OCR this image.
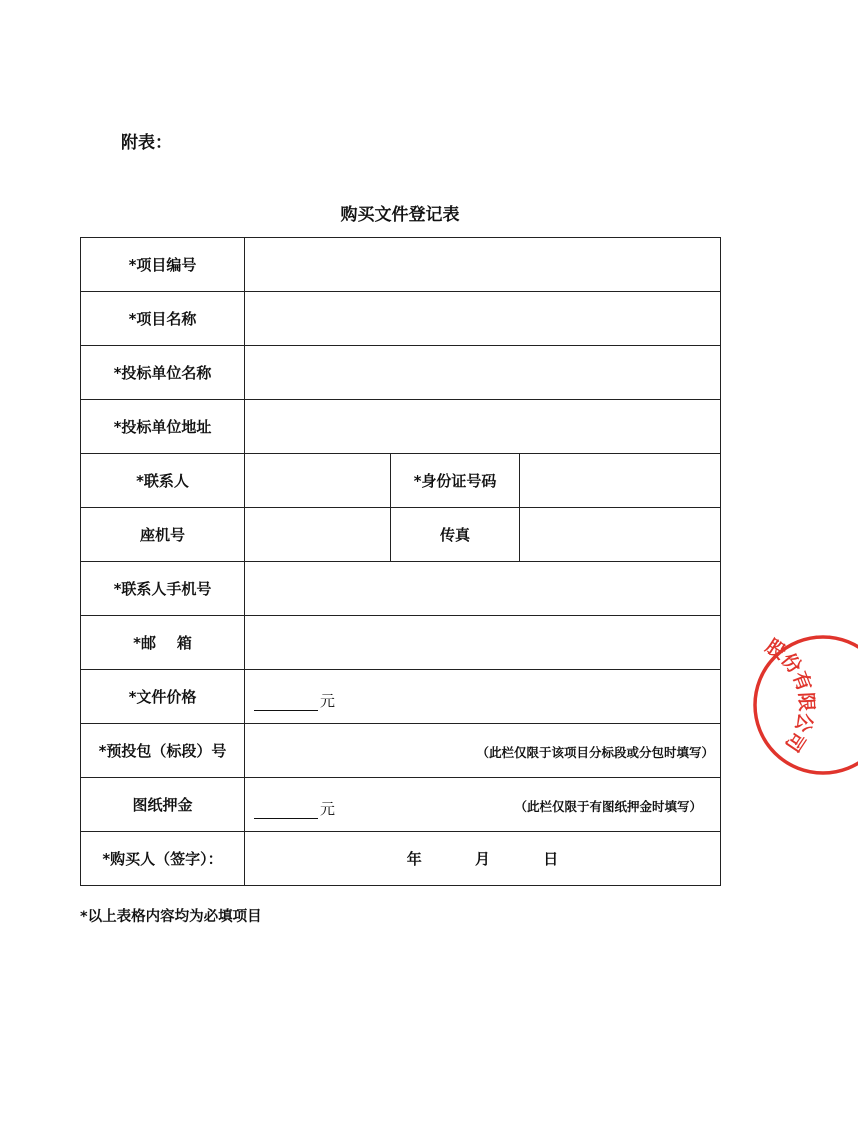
附表：
购买文件登记表
*项目编号			
*项目名称			
*投标单位名称			
*投标单位地址			
*联系人		*身份证号码	
座机号		传真	
*联系人手机号			
*邮    箱			
*文件价格	元		

*预投包（标段）号	（此栏仅限于该项目分标段或分包时填写）		

图纸押金	元 （此栏仅限于有图纸押金时填写）		

*购买人（签字）：	年 月 日		
*以上表格内容均为必填项目
股份有限公司
